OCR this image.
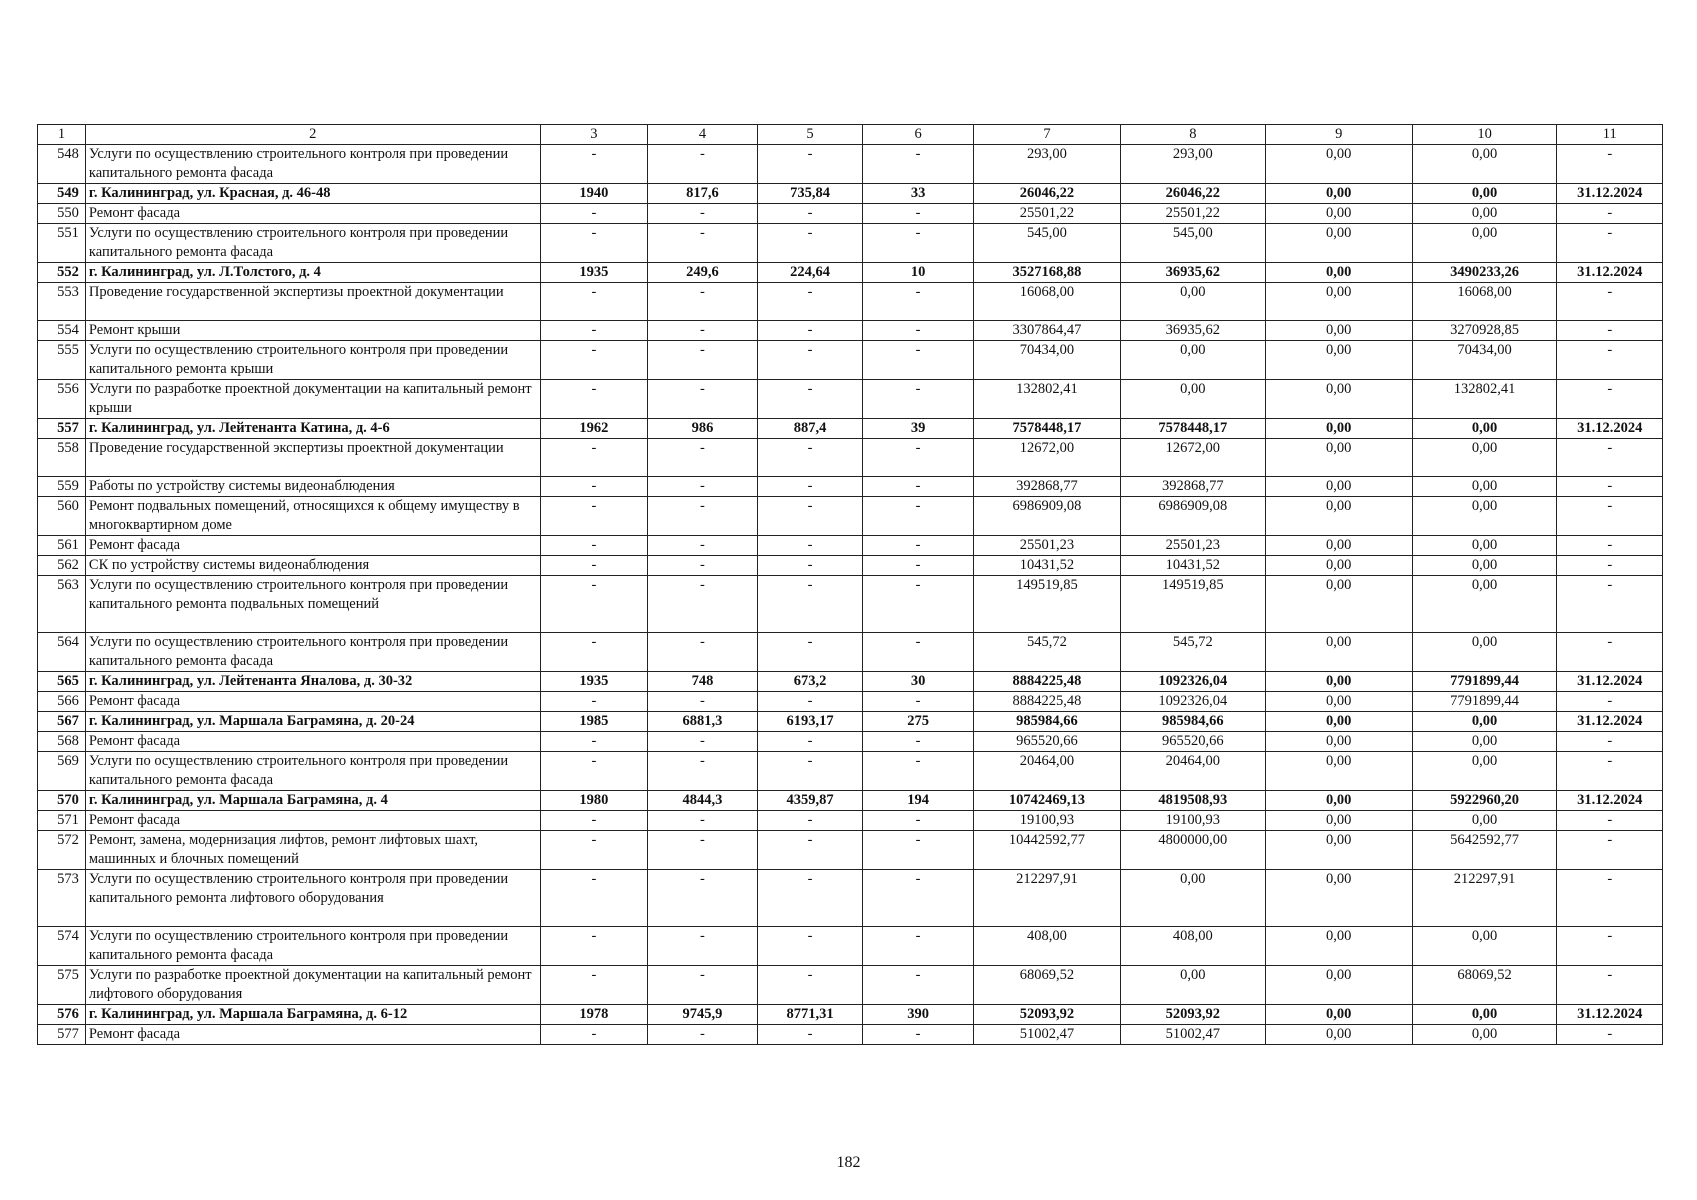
1	2	3	4	5	6	7	8	9	10	11
548	Услуги по осуществлению строительного контроля при проведении капитального ремонта фасада	-	-	-	-	293,00	293,00	0,00	0,00	-
549	г. Калининград, ул. Красная, д. 46-48	1940	817,6	735,84	33	26046,22	26046,22	0,00	0,00	31.12.2024
550	Ремонт фасада	-	-	-	-	25501,22	25501,22	0,00	0,00	-
551	Услуги по осуществлению строительного контроля при проведении капитального ремонта фасада	-	-	-	-	545,00	545,00	0,00	0,00	-
552	г. Калининград, ул. Л.Толстого, д. 4	1935	249,6	224,64	10	3527168,88	36935,62	0,00	3490233,26	31.12.2024
553	Проведение государственной экспертизы проектной документации	-	-	-	-	16068,00	0,00	0,00	16068,00	-
554	Ремонт крыши	-	-	-	-	3307864,47	36935,62	0,00	3270928,85	-
555	Услуги по осуществлению строительного контроля при проведении капитального ремонта крыши	-	-	-	-	70434,00	0,00	0,00	70434,00	-
556	Услуги по разработке проектной документации на капитальный ремонт крыши	-	-	-	-	132802,41	0,00	0,00	132802,41	-
557	г. Калининград, ул. Лейтенанта Катина, д. 4-6	1962	986	887,4	39	7578448,17	7578448,17	0,00	0,00	31.12.2024
558	Проведение государственной экспертизы проектной документации	-	-	-	-	12672,00	12672,00	0,00	0,00	-
559	Работы по устройству системы видеонаблюдения	-	-	-	-	392868,77	392868,77	0,00	0,00	-
560	Ремонт подвальных помещений, относящихся к общему имуществу в многоквартирном доме	-	-	-	-	6986909,08	6986909,08	0,00	0,00	-
561	Ремонт фасада	-	-	-	-	25501,23	25501,23	0,00	0,00	-
562	СК по устройству системы видеонаблюдения	-	-	-	-	10431,52	10431,52	0,00	0,00	-
563	Услуги по осуществлению строительного контроля при проведении капитального ремонта подвальных помещений	-	-	-	-	149519,85	149519,85	0,00	0,00	-
564	Услуги по осуществлению строительного контроля при проведении капитального ремонта фасада	-	-	-	-	545,72	545,72	0,00	0,00	-
565	г. Калининград, ул. Лейтенанта Яналова, д. 30-32	1935	748	673,2	30	8884225,48	1092326,04	0,00	7791899,44	31.12.2024
566	Ремонт фасада	-	-	-	-	8884225,48	1092326,04	0,00	7791899,44	-
567	г. Калининград, ул. Маршала Баграмяна, д. 20-24	1985	6881,3	6193,17	275	985984,66	985984,66	0,00	0,00	31.12.2024
568	Ремонт фасада	-	-	-	-	965520,66	965520,66	0,00	0,00	-
569	Услуги по осуществлению строительного контроля при проведении капитального ремонта фасада	-	-	-	-	20464,00	20464,00	0,00	0,00	-
570	г. Калининград, ул. Маршала Баграмяна, д. 4	1980	4844,3	4359,87	194	10742469,13	4819508,93	0,00	5922960,20	31.12.2024
571	Ремонт фасада	-	-	-	-	19100,93	19100,93	0,00	0,00	-
572	Ремонт, замена, модернизация лифтов, ремонт лифтовых шахт, машинных и блочных помещений	-	-	-	-	10442592,77	4800000,00	0,00	5642592,77	-
573	Услуги по осуществлению строительного контроля при проведении капитального ремонта лифтового оборудования	-	-	-	-	212297,91	0,00	0,00	212297,91	-
574	Услуги по осуществлению строительного контроля при проведении капитального ремонта фасада	-	-	-	-	408,00	408,00	0,00	0,00	-
575	Услуги по разработке проектной документации на капитальный ремонт лифтового оборудования	-	-	-	-	68069,52	0,00	0,00	68069,52	-
576	г. Калининград, ул. Маршала Баграмяна, д. 6-12	1978	9745,9	8771,31	390	52093,92	52093,92	0,00	0,00	31.12.2024
577	Ремонт фасада	-	-	-	-	51002,47	51002,47	0,00	0,00	-
182
